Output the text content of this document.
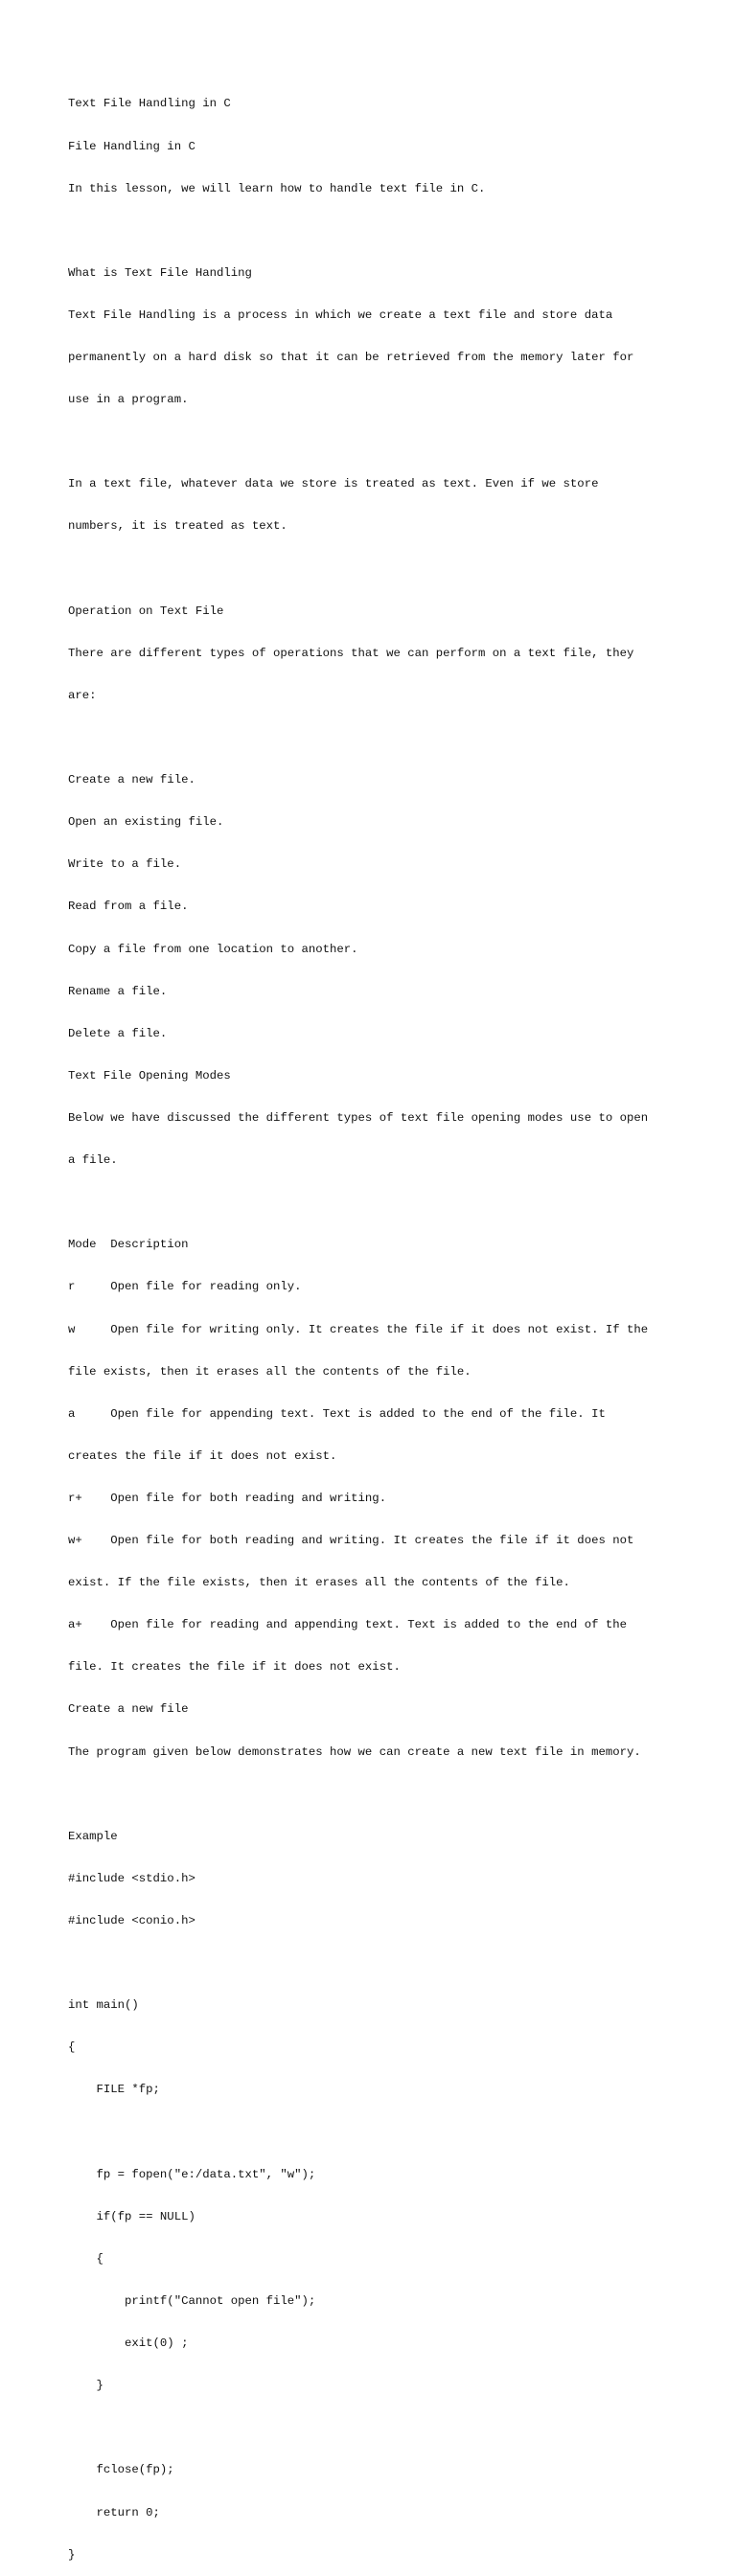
Text File Handling in C

File Handling in C

In this lesson, we will learn how to handle text file in C.

What is Text File Handling

Text File Handling is a process in which we create a text file and store data

permanently on a hard disk so that it can be retrieved from the memory later for

use in a program.

In a text file, whatever data we store is treated as text. Even if we store

numbers, it is treated as text.

Operation on Text File

There are different types of operations that we can perform on a text file, they

are:

Create a new file.

Open an existing file.

Write to a file.

Read from a file.

Copy a file from one location to another.

Rename a file.

Delete a file.

Text File Opening Modes

Below we have discussed the different types of text file opening modes use to open

a file.

Mode  Description

r     Open file for reading only.

w     Open file for writing only. It creates the file if it does not exist. If the

file exists, then it erases all the contents of the file.

a     Open file for appending text. Text is added to the end of the file. It

creates the file if it does not exist.

r+    Open file for both reading and writing.

w+    Open file for both reading and writing. It creates the file if it does not

exist. If the file exists, then it erases all the contents of the file.

a+    Open file for reading and appending text. Text is added to the end of the

file. It creates the file if it does not exist.

Create a new file

The program given below demonstrates how we can create a new text file in memory.

Example

#include <stdio.h>

#include <conio.h>

int main()

{

FILE *fp;

fp = fopen("e:/data.txt", "w");

if(fp == NULL)

{

printf("Cannot open file");

exit(0) ;

}

fclose(fp);

return 0;

}
